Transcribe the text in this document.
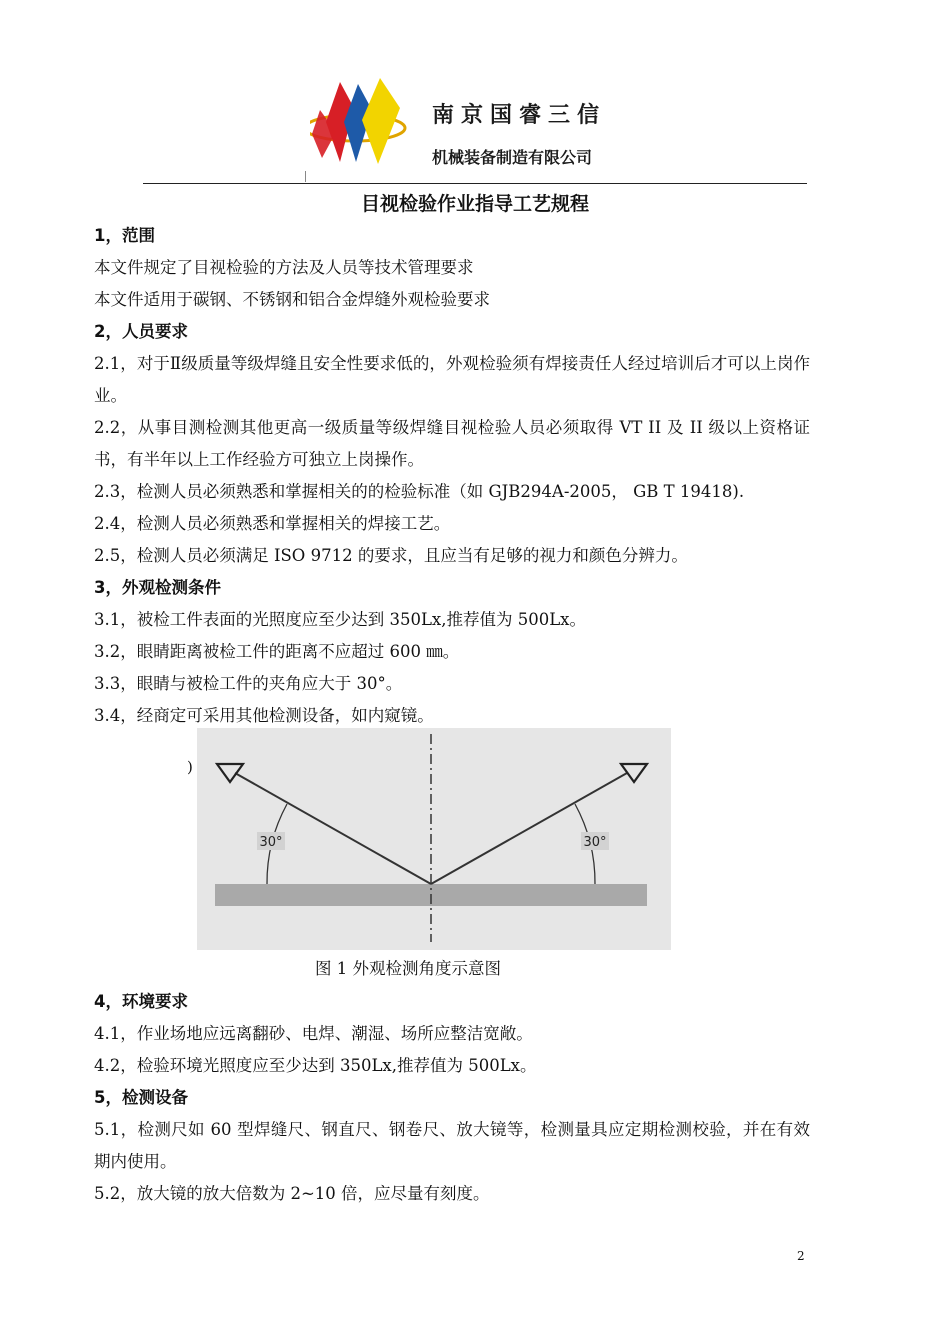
南京国睿三信
机械装备制造有限公司
目视检验作业指导工艺规程
1，范围
本文件规定了目视检验的方法及人员等技术管理要求
本文件适用于碳钢、不锈钢和铝合金焊缝外观检验要求
2，人员要求
2.1，对于Ⅱ级质量等级焊缝且安全性要求低的，外观检验须有焊接责任人经过培训后才可以上岗作业。
2.2，从事目测检测其他更高一级质量等级焊缝目视检验人员必须取得 VT II 及 II 级以上资格证书，有半年以上工作经验方可独立上岗操作。
2.3，检测人员必须熟悉和掌握相关的的检验标准（如 GJB294A-2005， GB T 19418).
2.4，检测人员必须熟悉和掌握相关的焊接工艺。
2.5，检测人员必须满足 ISO 9712 的要求，且应当有足够的视力和颜色分辨力。
3，外观检测条件
3.1，被检工件表面的光照度应至少达到 350Lx,推荐值为 500Lx。
3.2，眼睛距离被检工件的距离不应超过 600 ㎜。
3.3，眼睛与被检工件的夹角应大于 30°。
3.4，经商定可采用其他检测设备，如内窥镜。
)
30°	30°
图 1 外观检测角度示意图
4，环境要求
4.1，作业场地应远离翻砂、电焊、潮湿、场所应整洁宽敞。
4.2，检验环境光照度应至少达到 350Lx,推荐值为 500Lx。
5，检测设备
5.1，检测尺如 60 型焊缝尺、钢直尺、钢卷尺、放大镜等，检测量具应定期检测校验，并在有效期内使用。
5.2，放大镜的放大倍数为 2~10 倍，应尽量有刻度。
2
